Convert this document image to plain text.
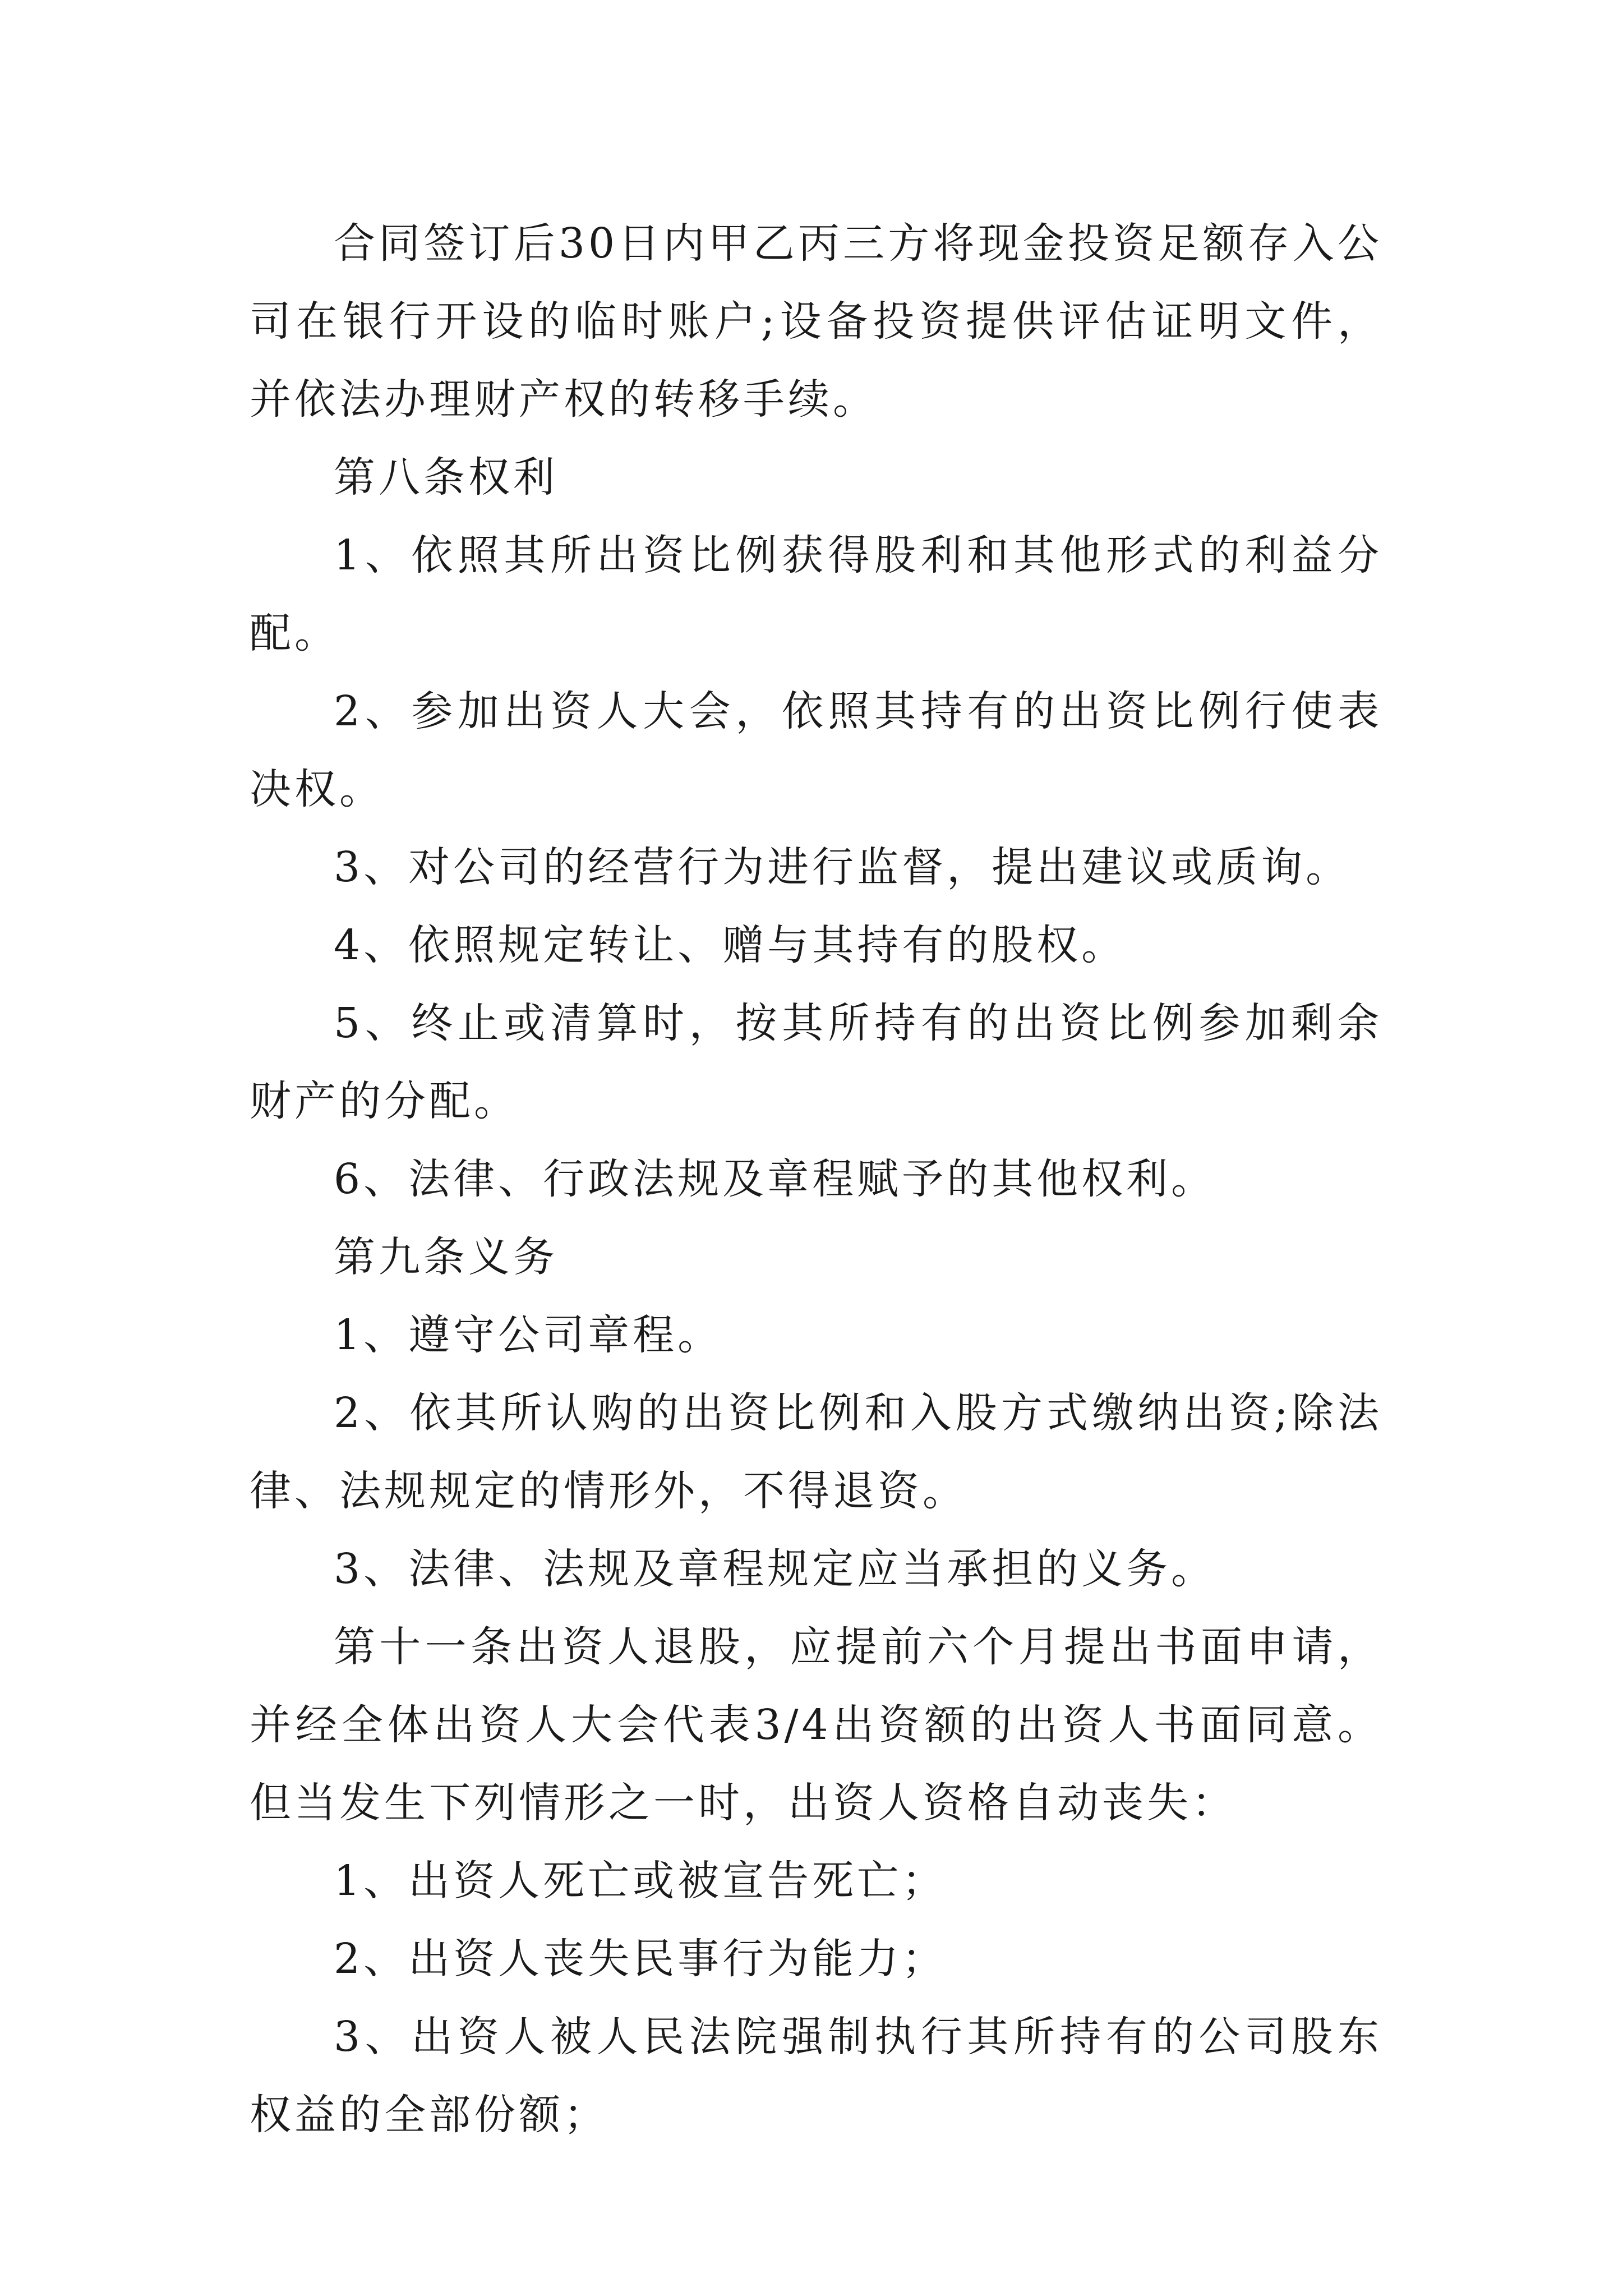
合同签订后30日内甲乙丙三方将现金投资足额存入公司在银行开设的临时账户;设备投资提供评估证明文件，并依法办理财产权的转移手续。

第八条权利

1、依照其所出资比例获得股利和其他形式的利益分配。

2、参加出资人大会，依照其持有的出资比例行使表决权。

3、对公司的经营行为进行监督，提出建议或质询。

4、依照规定转让、赠与其持有的股权。

5、终止或清算时，按其所持有的出资比例参加剩余财产的分配。

6、法律、行政法规及章程赋予的其他权利。

第九条义务

1、遵守公司章程。

2、依其所认购的出资比例和入股方式缴纳出资;除法律、法规规定的情形外，不得退资。

3、法律、法规及章程规定应当承担的义务。

第十一条出资人退股，应提前六个月提出书面申请，并经全体出资人大会代表3/4出资额的出资人书面同意。但当发生下列情形之一时，出资人资格自动丧失：

1、出资人死亡或被宣告死亡；

2、出资人丧失民事行为能力；

3、出资人被人民法院强制执行其所持有的公司股东权益的全部份额；
